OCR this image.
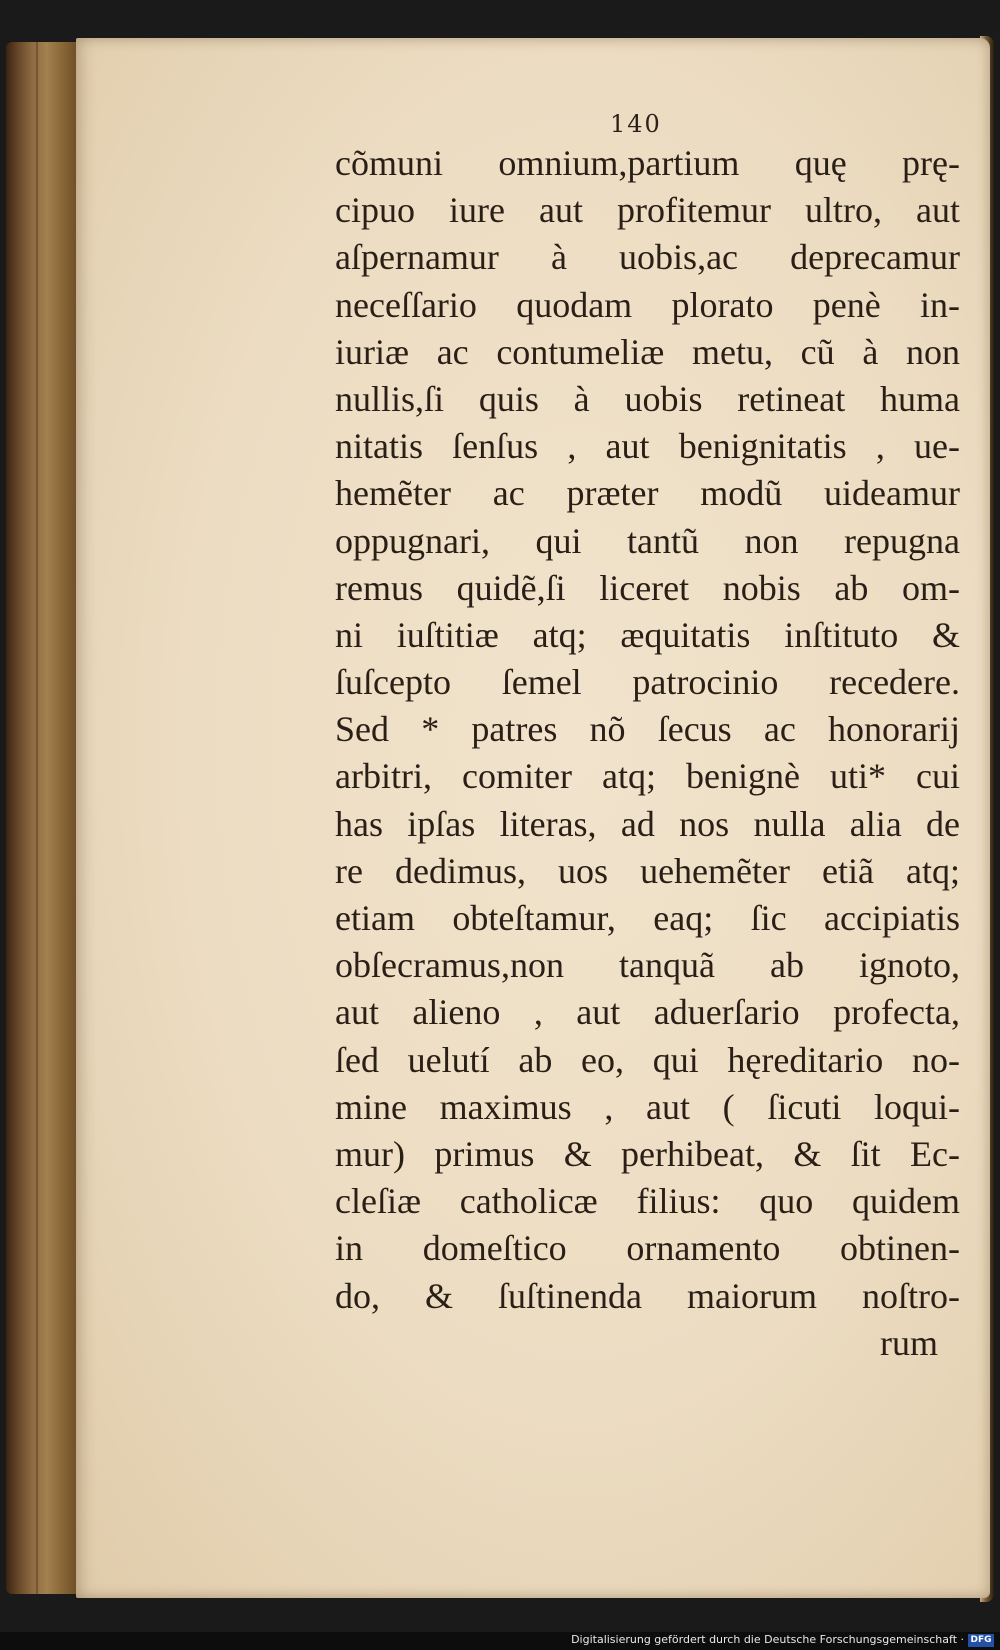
140
cõmuni omnium,partium quę prę-
cipuo iure aut profitemur ultro, aut
aſpernamur à uobis,ac deprecamur
neceſſario quodam plorato penè in-
iuriæ ac contumeliæ metu, cũ à non
nullis,ſi quis à uobis retineat huma
nitatis ſenſus , aut benignitatis , ue-
hemẽter ac præter modũ uideamur
oppugnari, qui tantũ non repugna
remus quidẽ,ſi liceret nobis ab om-
ni iuſtitiæ atq; æquitatis inſtituto &
ſuſcepto ſemel patrocinio recedere.
Sed * patres nõ ſecus ac honorarij
arbitri, comiter atq; benignè uti* cui
has ipſas literas, ad nos nulla alia de
re dedimus, uos uehemẽter etiã atq;
etiam obteſtamur, eaq; ſic accipiatis
obſecramus,non tanquã ab ignoto,
aut alieno , aut aduerſario profecta,
ſed uelutí ab eo, qui hęreditario no-
mine maximus , aut ( ſicuti loqui-
mur) primus & perhibeat, & ſit Ec-
cleſiæ catholicæ filius: quo quidem
in domeſtico ornamento obtinen-
do, & ſuſtinenda maiorum noſtro-
rum
Digitalisierung gefördert durch die Deutsche Forschungsgemeinschaft · DFG
